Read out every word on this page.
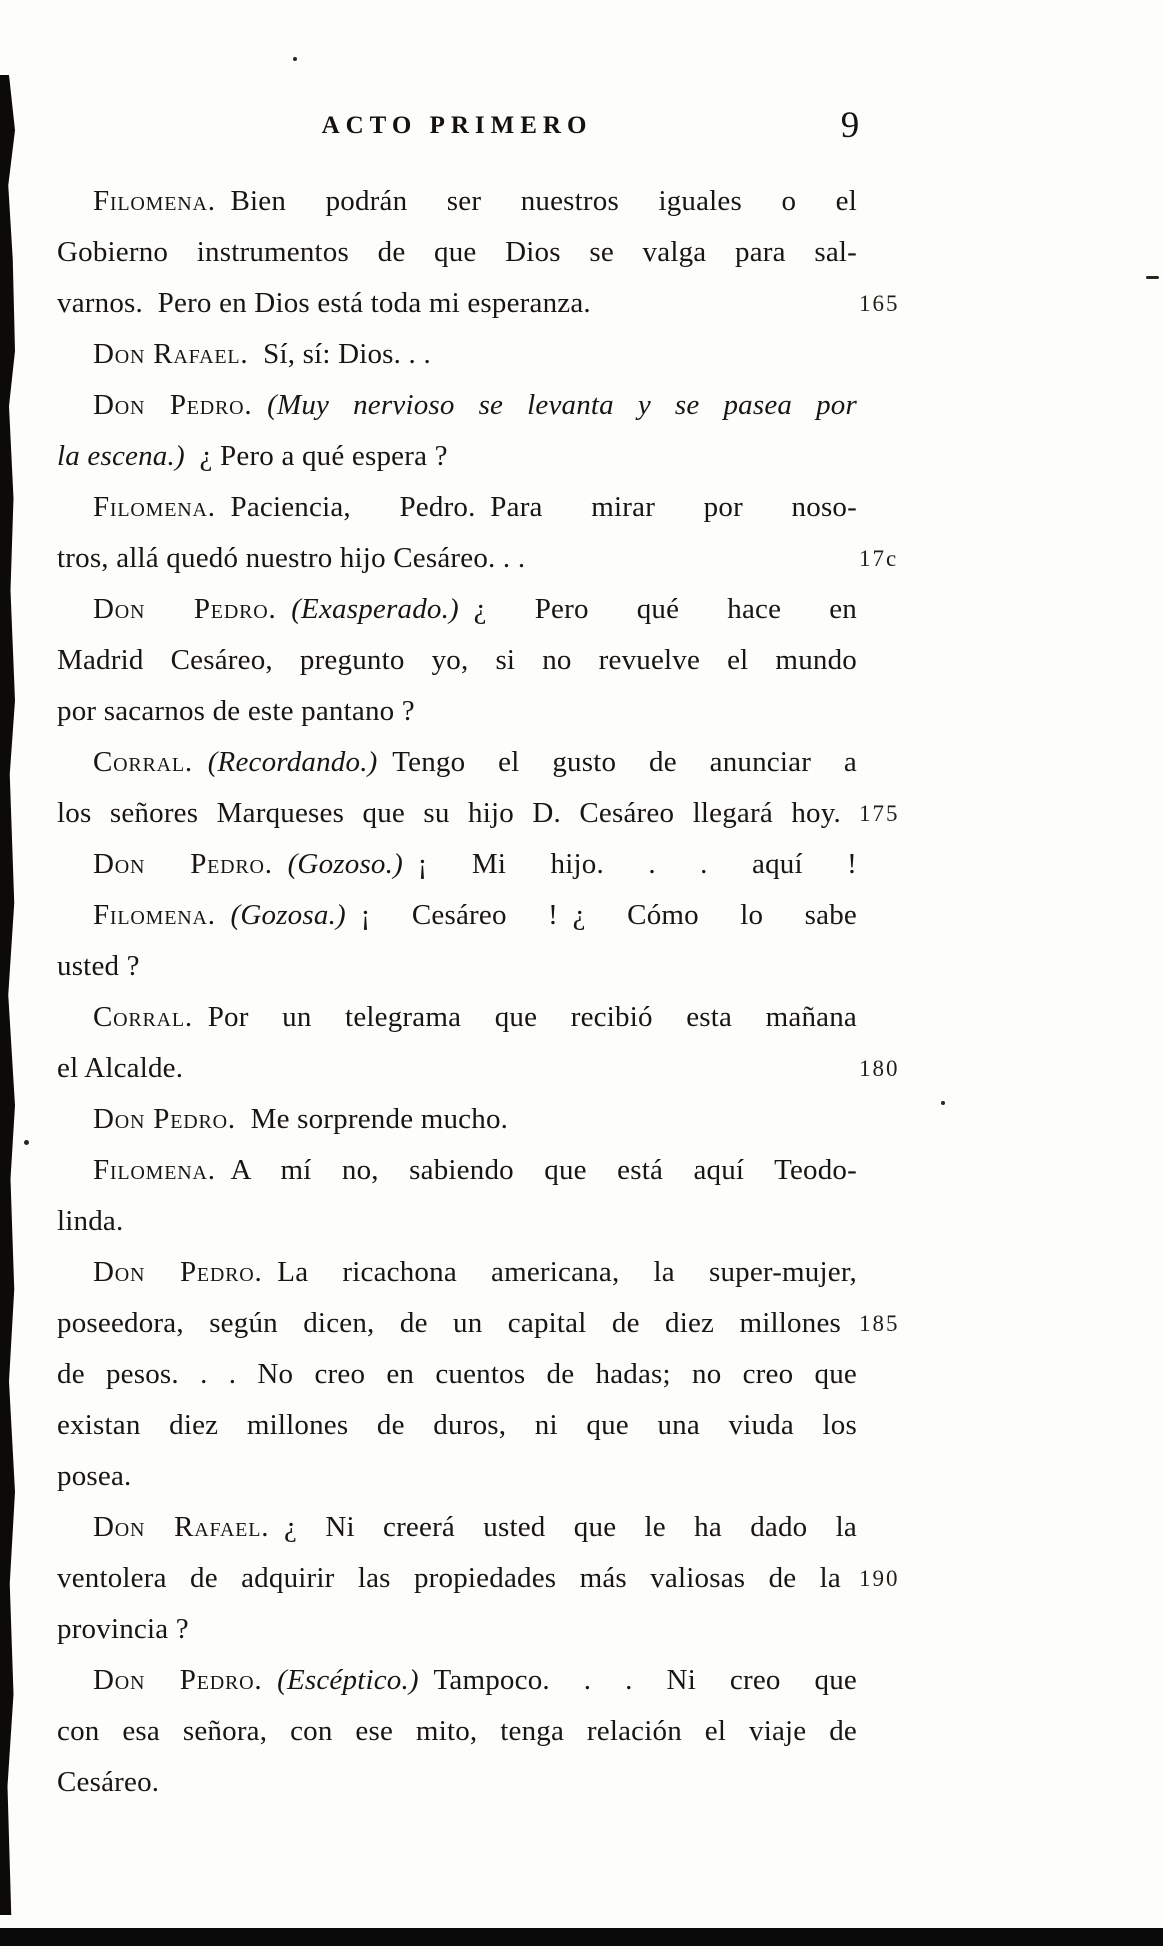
ACTO PRIMERO	9
Filomena.  Bien podrán ser nuestros iguales o el
Gobierno instrumentos de que Dios se valga para sal-
varnos.  Pero en Dios está toda mi esperanza.	165
Don Rafael.  Sí, sí: Dios. . .
Don Pedro.  (Muy nervioso se levanta y se pasea por
la escena.)  ¿ Pero a qué espera ?
Filomena.  Paciencia, Pedro.  Para mirar por noso-
tros, allá quedó nuestro hijo Cesáreo. . .	17c
Don Pedro.  (Exasperado.)  ¿ Pero qué hace en
Madrid Cesáreo, pregunto yo, si no revuelve el mundo
por sacarnos de este pantano ?
Corral.  (Recordando.)  Tengo el gusto de anunciar a
los señores Marqueses que su hijo D. Cesáreo llegará hoy. 175
Don Pedro.  (Gozoso.)  ¡ Mi hijo. . . aquí !
Filomena.  (Gozosa.)  ¡ Cesáreo !  ¿ Cómo lo sabe
usted ?
Corral.  Por un telegrama que recibió esta mañana
el Alcalde.	180
Don Pedro.  Me sorprende mucho.
Filomena.  A mí no, sabiendo que está aquí Teodo-
linda.
Don Pedro.  La ricachona americana, la super-mujer,
poseedora, según dicen, de un capital de diez millones 185
de pesos. . . No creo en cuentos de hadas; no creo que
existan diez millones de duros, ni que una viuda los
posea.
Don Rafael.  ¿ Ni creerá usted que le ha dado la
ventolera de adquirir las propiedades más valiosas de la 190
provincia ?
Don Pedro.  (Escéptico.)  Tampoco. . . Ni creo que
con esa señora, con ese mito, tenga relación el viaje de
Cesáreo.
